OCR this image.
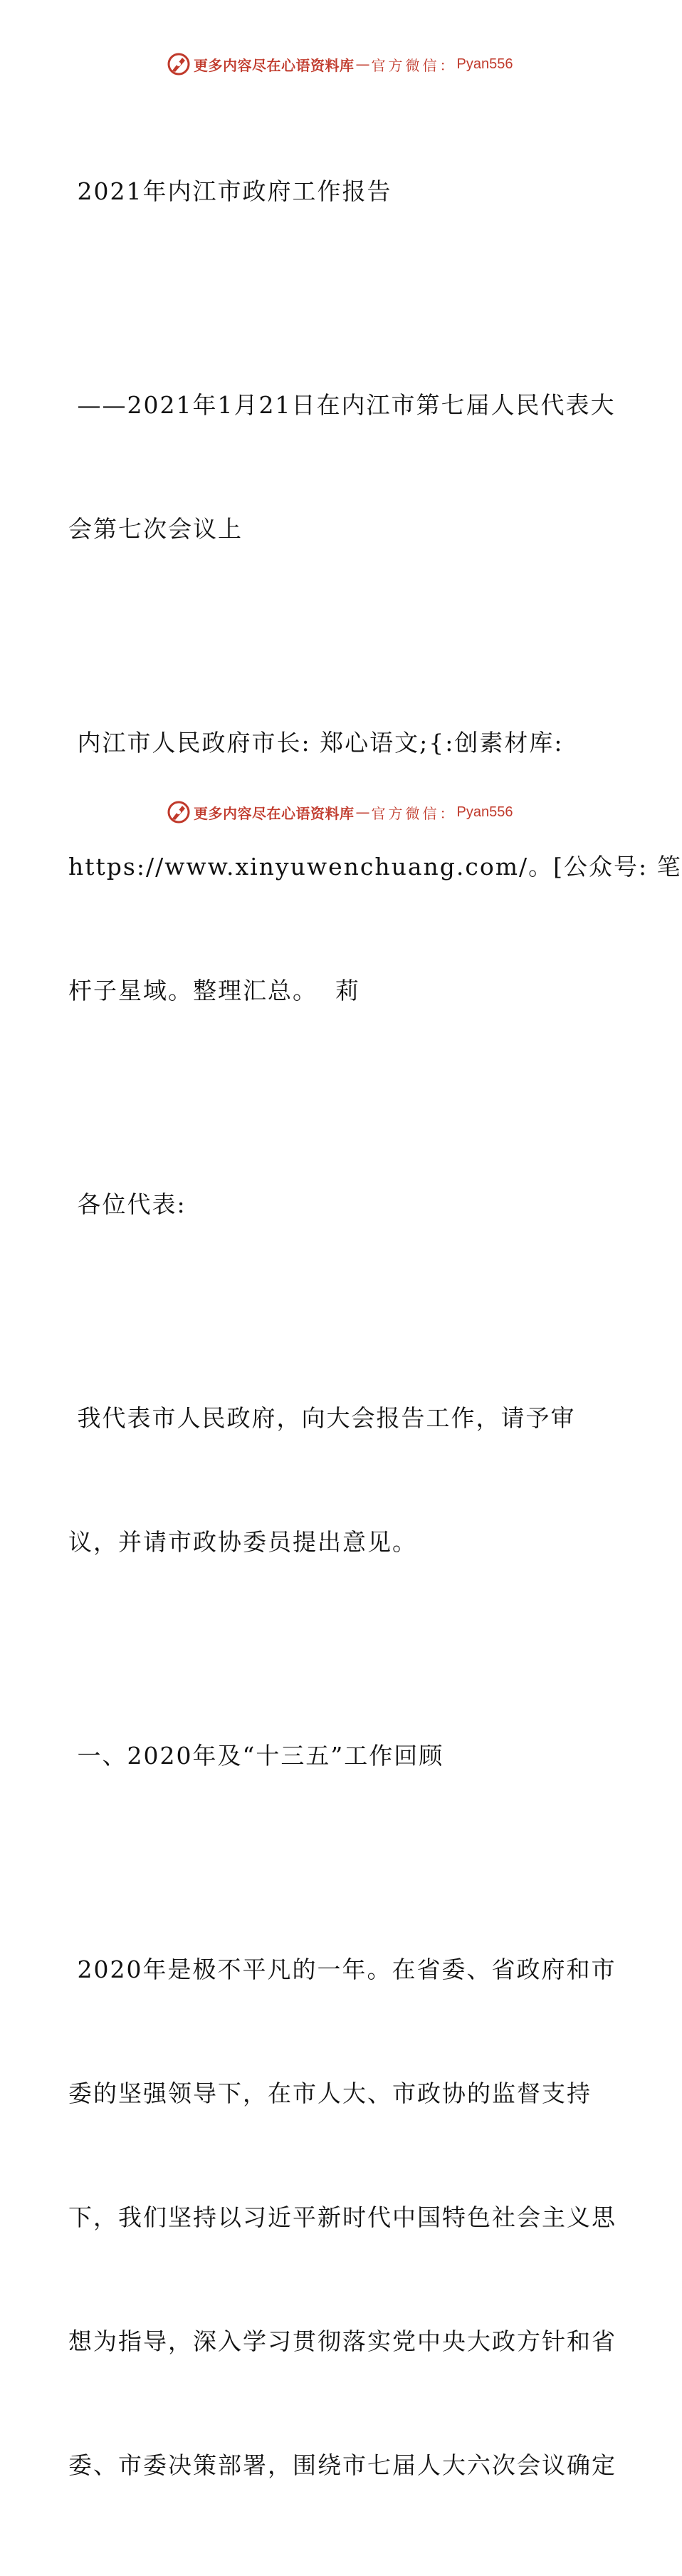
更多内容尽在心语资料库 — 官方微信： Pyan556

2021年内江市政府工作报告

——2021年1月21日在内江市第七届人民代表大

会第七次会议上

内江市人民政府市长: 郑心语文;{:创素材库:

https://www.xinyuwenchuang.com/。[公众号: 笔

杆子星域。整理汇总。  莉

各位代表:

我代表市人民政府，向大会报告工作，请予审

议，并请市政协委员提出意见。

一、2020年及“十三五”工作回顾

2020年是极不平凡的一年。在省委、省政府和市

委的坚强领导下，在市人大、市政协的监督支持

下，我们坚持以习近平新时代中国特色社会主义思

想为指导，深入学习贯彻落实党中央大政方针和省

委、市委决策部署，围绕市七届人大六次会议确定

更多内容尽在心语资料库 — 官方微信： Pyan556
